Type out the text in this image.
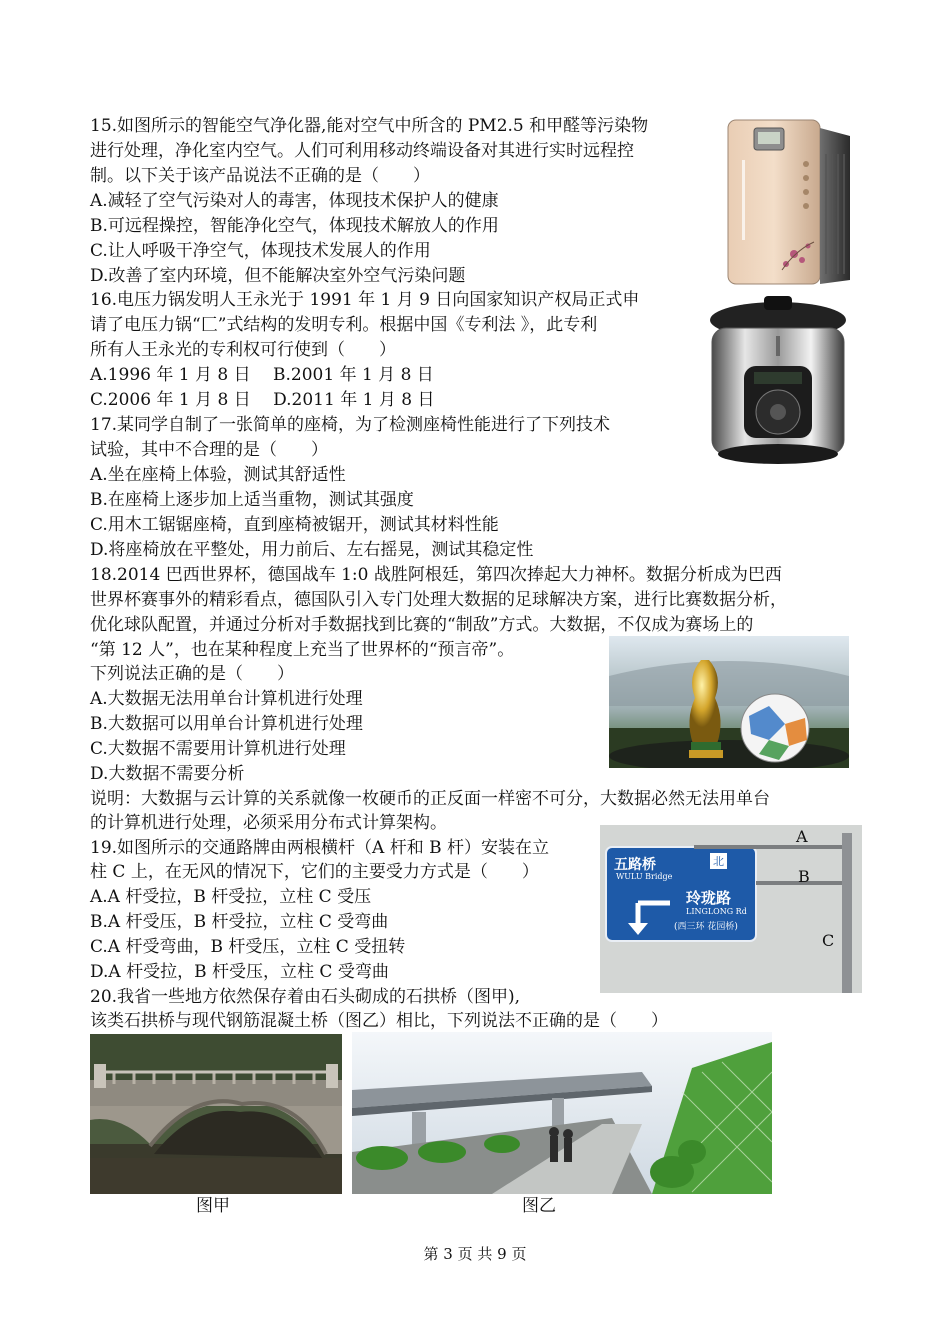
15.如图所示的智能空气净化器,能对空气中所含的 PM2.5 和甲醛等污染物
进行处理，净化室内空气。人们可利用移动终端设备对其进行实时远程控
制。以下关于该产品说法不正确的是（　　）
A.减轻了空气污染对人的毒害，体现技术保护人的健康
B.可远程操控，智能净化空气，体现技术解放人的作用
C.让人呼吸干净空气，体现技术发展人的作用
D.改善了室内环境，但不能解决室外空气污染问题
16.电压力锅发明人王永光于 1991 年 1 月 9 日向国家知识产权局正式申
请了电压力锅“匚”式结构的发明专利。根据中国《专利法 》，此专利
所有人王永光的专利权可行使到（　　）
A.1996 年 1 月 8 日　 B.2001 年 1 月 8 日
C.2006 年 1 月 8 日　 D.2011 年 1 月 8 日
17.某同学自制了一张简单的座椅，为了检测座椅性能进行了下列技术
试验，其中不合理的是（　　）
A.坐在座椅上体验，测试其舒适性
B.在座椅上逐步加上适当重物，测试其强度
C.用木工锯锯座椅，直到座椅被锯开，测试其材料性能
D.将座椅放在平整处，用力前后、左右摇晃，测试其稳定性
18.2014 巴西世界杯，德国战车 1:0 战胜阿根廷，第四次捧起大力神杯。数据分析成为巴西
世界杯赛事外的精彩看点，德国队引入专门处理大数据的足球解决方案，进行比赛数据分析，
优化球队配置，并通过分析对手数据找到比赛的“制敌”方式。大数据，不仅成为赛场上的
“第 12 人”，也在某种程度上充当了世界杯的“预言帝”。
下列说法正确的是（　　）
A.大数据无法用单台计算机进行处理
B.大数据可以用单台计算机进行处理
C.大数据不需要用计算机进行处理
D.大数据不需要分析
说明：大数据与云计算的关系就像一枚硬币的正反面一样密不可分，大数据必然无法用单台
的计算机进行处理，必须采用分布式计算架构。
19.如图所示的交通路牌由两根横杆（A 杆和 B 杆）安装在立
柱 C 上，在无风的情况下，它们的主要受力方式是（　　）
A.A 杆受拉，B 杆受拉，立柱 C 受压
B.A 杆受压，B 杆受拉，立柱 C 受弯曲
C.A 杆受弯曲，B 杆受压，立柱 C 受扭转
D.A 杆受拉，B 杆受压，立柱 C 受弯曲
五路桥
WULU Bridge
北
玲珑路
LINGLONG Rd
(西三环 花园桥)
A
B
C
20.我省一些地方依然保存着由石头砌成的石拱桥（图甲),
该类石拱桥与现代钢筋混凝土桥（图乙）相比，下列说法不正确的是（　　）
图甲	图乙
第 3 页 共 9 页
